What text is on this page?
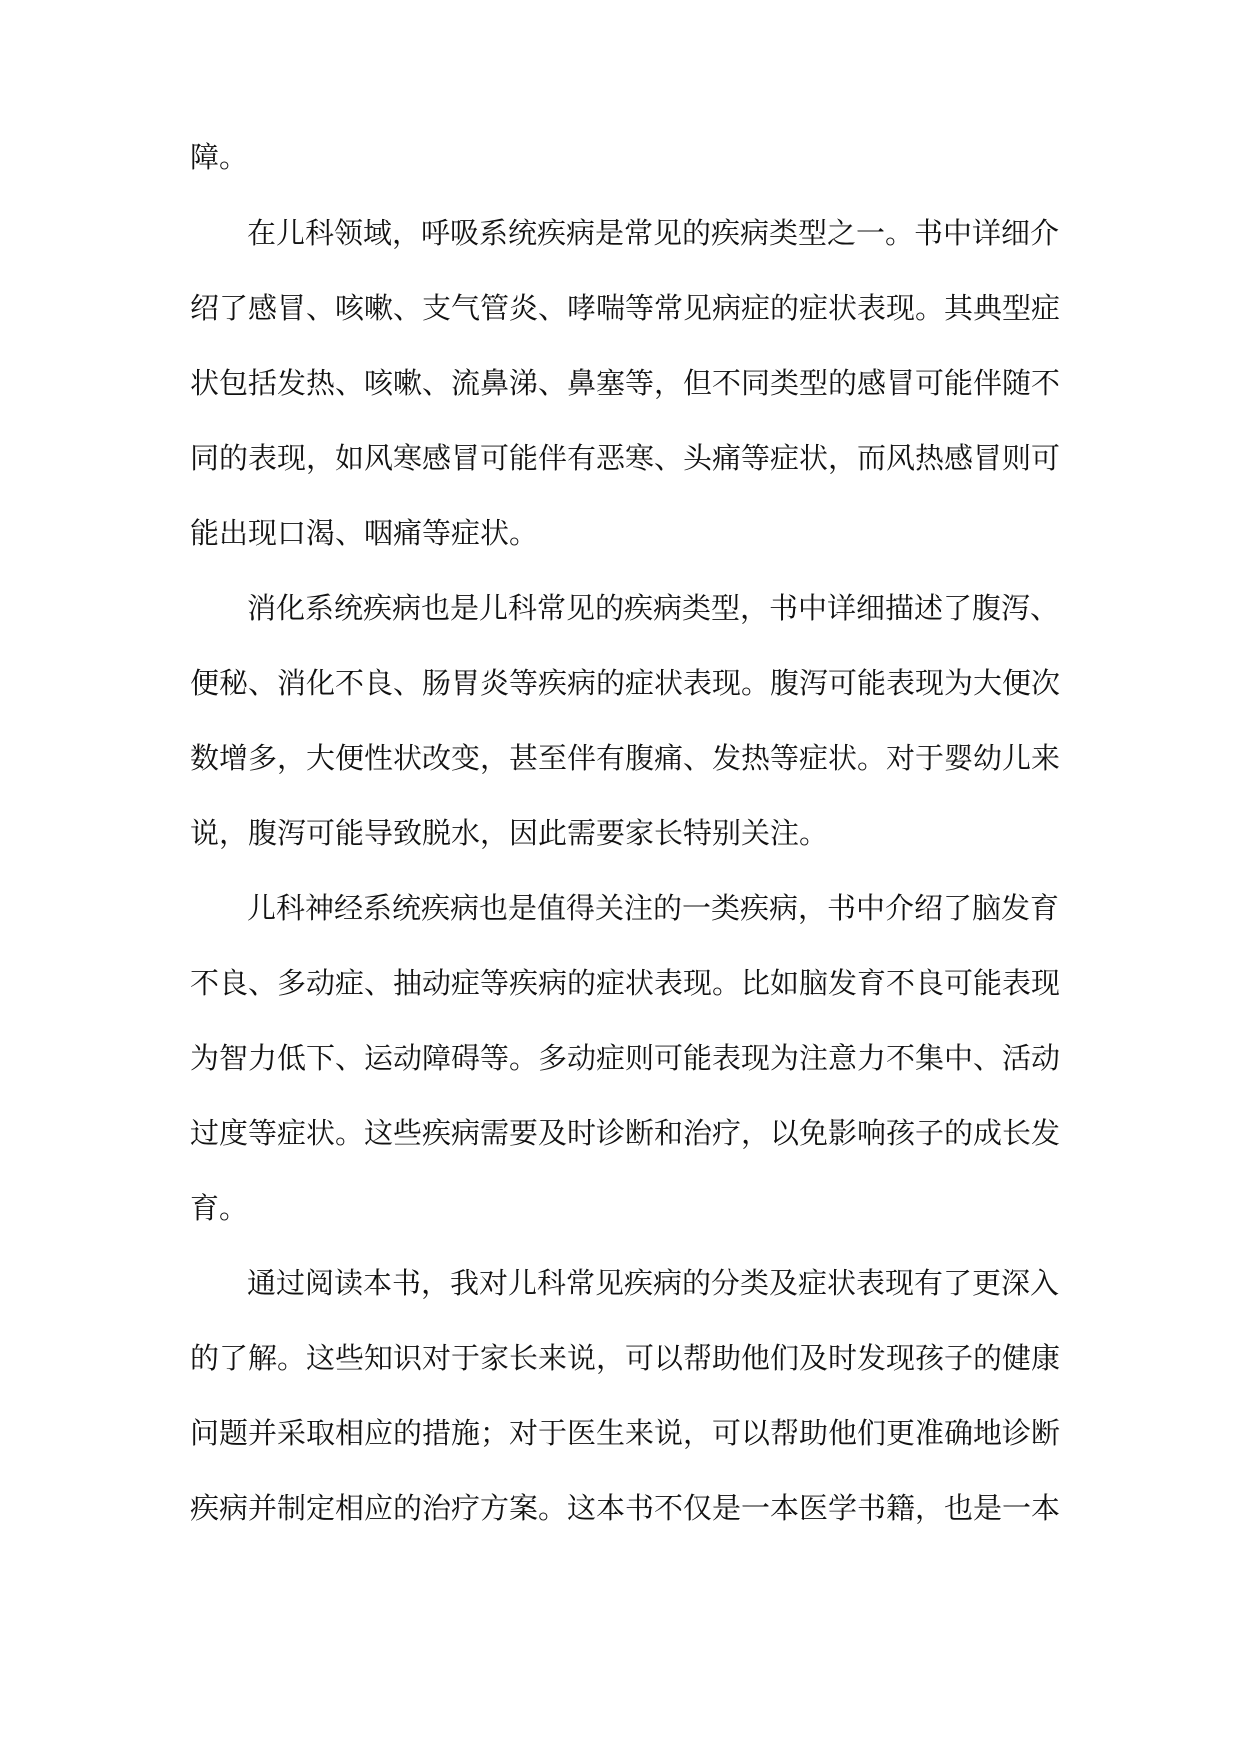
障。
在儿科领域，呼吸系统疾病是常见的疾病类型之一。书中详细介
绍了感冒、咳嗽、支气管炎、哮喘等常见病症的症状表现。其典型症
状包括发热、咳嗽、流鼻涕、鼻塞等，但不同类型的感冒可能伴随不
同的表现，如风寒感冒可能伴有恶寒、头痛等症状，而风热感冒则可
能出现口渴、咽痛等症状。
消化系统疾病也是儿科常见的疾病类型，书中详细描述了腹泻、
便秘、消化不良、肠胃炎等疾病的症状表现。腹泻可能表现为大便次
数增多，大便性状改变，甚至伴有腹痛、发热等症状。对于婴幼儿来
说，腹泻可能导致脱水，因此需要家长特别关注。
儿科神经系统疾病也是值得关注的一类疾病，书中介绍了脑发育
不良、多动症、抽动症等疾病的症状表现。比如脑发育不良可能表现
为智力低下、运动障碍等。多动症则可能表现为注意力不集中、活动
过度等症状。这些疾病需要及时诊断和治疗，以免影响孩子的成长发
育。
通过阅读本书，我对儿科常见疾病的分类及症状表现有了更深入
的了解。这些知识对于家长来说，可以帮助他们及时发现孩子的健康
问题并采取相应的措施；对于医生来说，可以帮助他们更准确地诊断
疾病并制定相应的治疗方案。这本书不仅是一本医学书籍，也是一本
